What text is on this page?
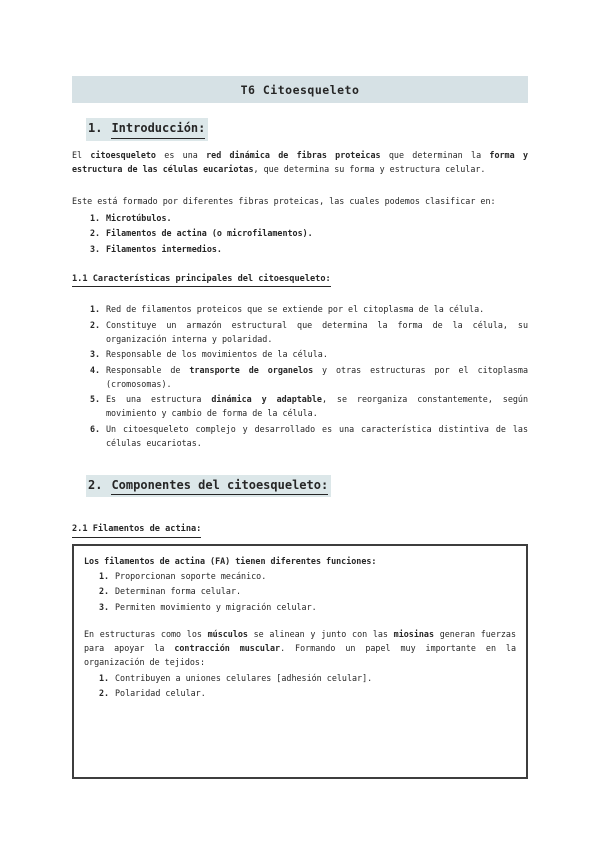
T6 Citoesqueleto
1. Introducción:
El citoesqueleto es una red dinámica de fibras proteicas que determinan la forma y estructura de las células eucariotas, que determina su forma y estructura celular.
Este está formado por diferentes fibras proteicas, las cuales podemos clasificar en:
1. Microtúbulos.
2. Filamentos de actina (o microfilamentos).
3. Filamentos intermedios.
1.1 Características principales del citoesqueleto:
1. Red de filamentos proteicos que se extiende por el citoplasma de la célula.
2. Constituye un armazón estructural que determina la forma de la célula, su organización interna y polaridad.
3. Responsable de los movimientos de la célula.
4. Responsable de transporte de organelos y otras estructuras por el citoplasma (cromosomas).
5. Es una estructura dinámica y adaptable, se reorganiza constantemente, según movimiento y cambio de forma de la célula.
6. Un citoesqueleto complejo y desarrollado es una característica distintiva de las células eucariotas.
2. Componentes del citoesqueleto:
2.1 Filamentos de actina:
Los filamentos de actina (FA) tienen diferentes funciones:
1. Proporcionan soporte mecánico.
2. Determinan forma celular.
3. Permiten movimiento y migración celular.
En estructuras como los músculos se alinean y junto con las miosinas generan fuerzas para apoyar la contracción muscular. Formando un papel muy importante en la organización de tejidos:
1. Contribuyen a uniones celulares [adhesión celular].
2. Polaridad celular.
